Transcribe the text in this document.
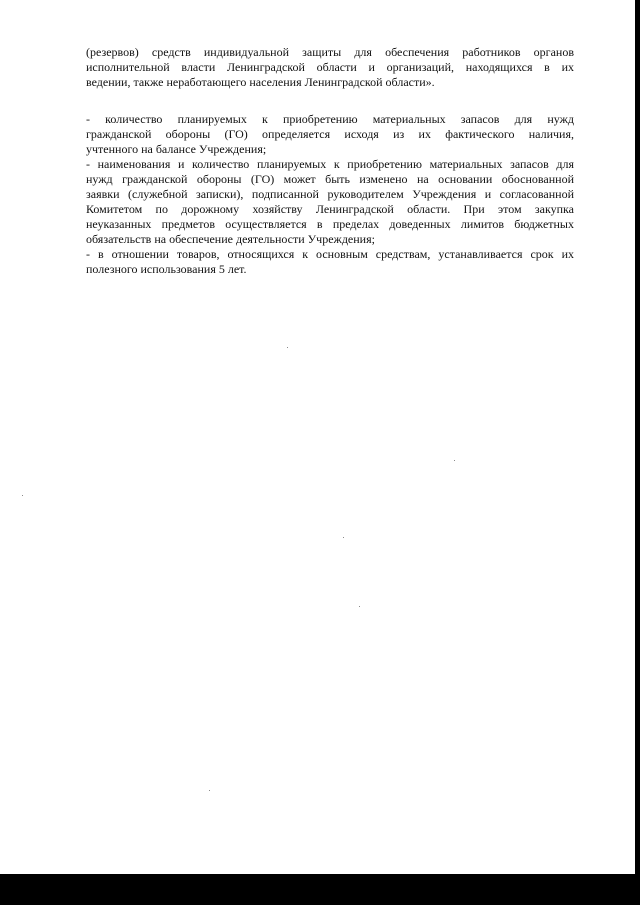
(резервов) средств индивидуальной защиты для обеспечения работников органов
исполнительной власти Ленинградской области и организаций, находящихся в их
ведении, также неработающего населения Ленинградской области».
- количество планируемых к приобретению материальных запасов для нужд
гражданской обороны (ГО) определяется исходя из их фактического наличия,
учтенного на балансе Учреждения;
- наименования и количество планируемых к приобретению материальных запасов для
нужд гражданской обороны (ГО) может быть изменено на основании обоснованной
заявки (служебной записки), подписанной руководителем Учреждения и согласованной
Комитетом по дорожному хозяйству Ленинградской области. При этом закупка
неуказанных предметов осуществляется в пределах доведенных лимитов бюджетных
обязательств на обеспечение деятельности Учреждения;
- в отношении товаров, относящихся к основным средствам, устанавливается срок их
полезного использования 5 лет.
